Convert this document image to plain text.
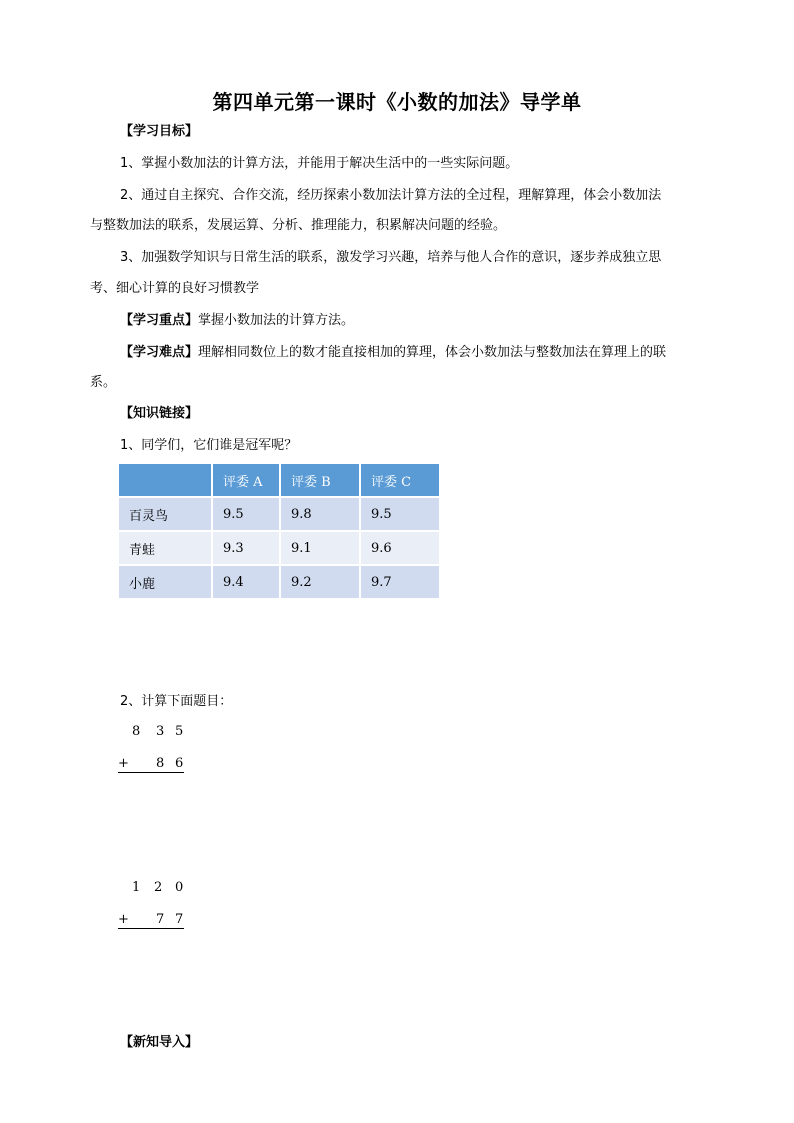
第四单元第一课时《小数的加法》导学单
【学习目标】
1、掌握小数加法的计算方法，并能用于解决生活中的一些实际问题。
2、通过自主探究、合作交流，经历探索小数加法计算方法的全过程，理解算理，体会小数加法
与整数加法的联系，发展运算、分析、推理能力，积累解决问题的经验。
3、加强数学知识与日常生活的联系，激发学习兴趣，培养与他人合作的意识，逐步养成独立思
考、细心计算的良好习惯教学
【学习重点】掌握小数加法的计算方法。
【学习难点】理解相同数位上的数才能直接相加的算理，体会小数加法与整数加法在算理上的联
系。
【知识链接】
1、同学们，它们谁是冠军呢？
	评委 A	评委 B	评委 C
百灵鸟	9.5	9.8	9.5
青蛙	9.3	9.1	9.6
小鹿	9.4	9.2	9.7
2、计算下面题目：
8 3 5
+ 8 6
1 2 0
+ 7 7
【新知导入】
